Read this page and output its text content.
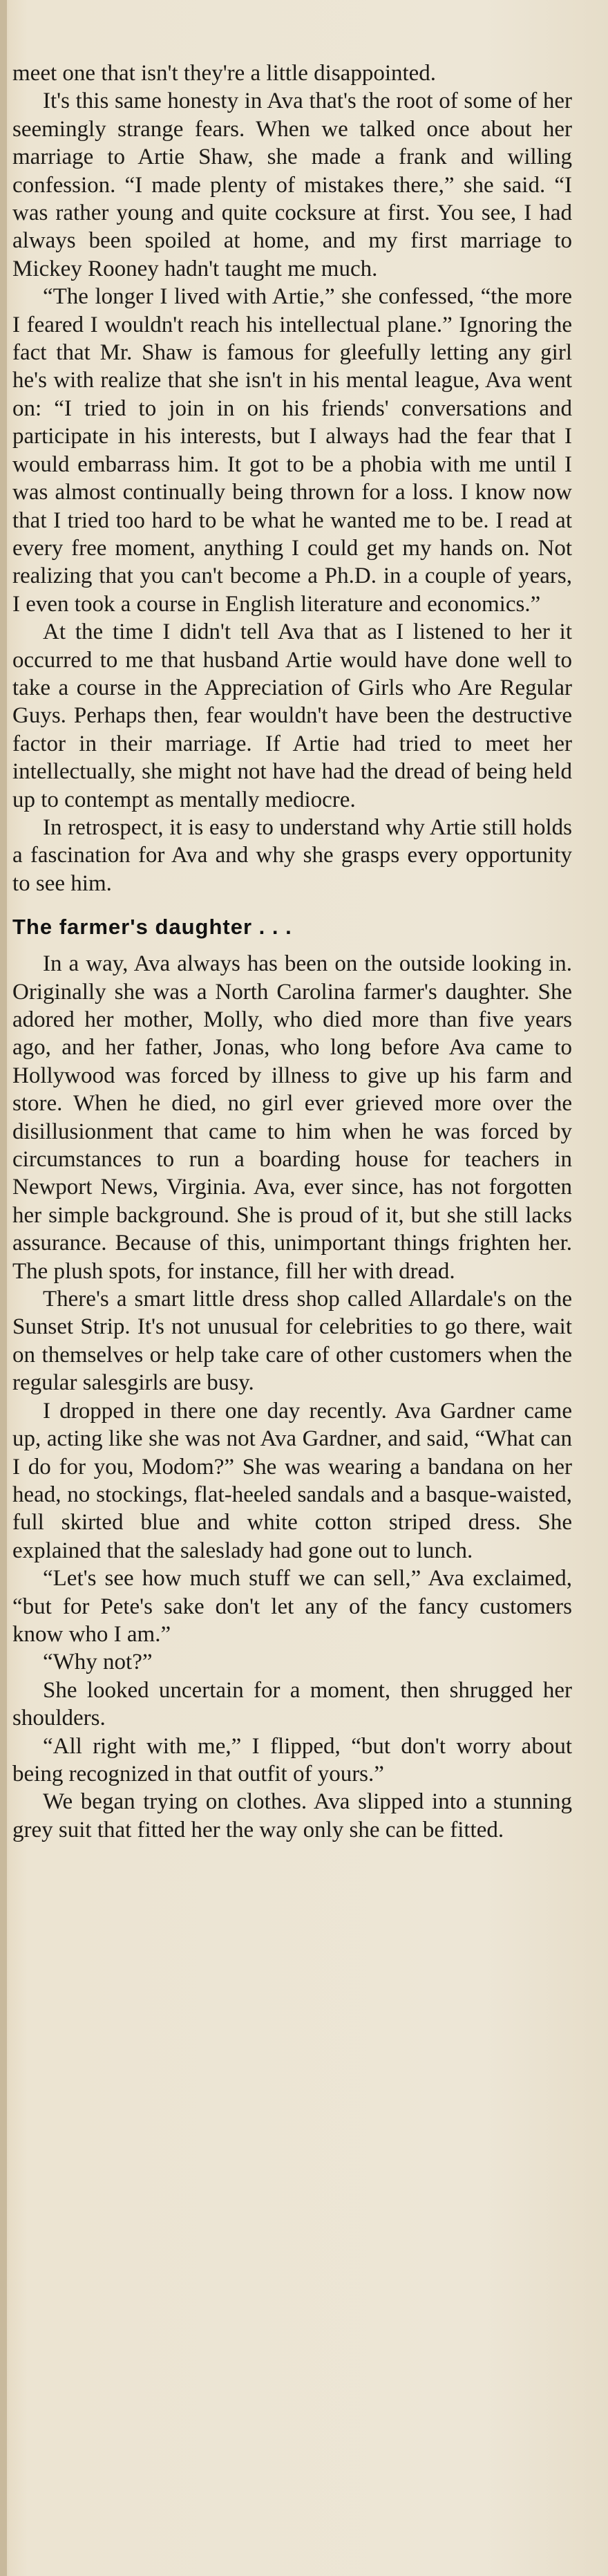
meet one that isn't they're a little disappointed.

It's this same honesty in Ava that's the root of some of her seemingly strange fears. When we talked once about her marriage to Artie Shaw, she made a frank and willing confession. “I made plenty of mistakes there,” she said. “I was rather young and quite cocksure at first. You see, I had always been spoiled at home, and my first marriage to Mickey Rooney hadn't taught me much.

“The longer I lived with Artie,” she confessed, “the more I feared I wouldn't reach his intellectual plane.” Ignoring the fact that Mr. Shaw is famous for gleefully letting any girl he's with realize that she isn't in his mental league, Ava went on: “I tried to join in on his friends' conversations and participate in his interests, but I always had the fear that I would embarrass him. It got to be a phobia with me until I was almost continually being thrown for a loss. I know now that I tried too hard to be what he wanted me to be. I read at every free moment, anything I could get my hands on. Not realizing that you can't become a Ph.D. in a couple of years, I even took a course in English literature and economics.”

At the time I didn't tell Ava that as I listened to her it occurred to me that husband Artie would have done well to take a course in the Appreciation of Girls who Are Regular Guys. Perhaps then, fear wouldn't have been the destructive factor in their marriage. If Artie had tried to meet her intellectually, she might not have had the dread of being held up to contempt as mentally mediocre.

In retrospect, it is easy to understand why Artie still holds a fascination for Ava and why she grasps every opportunity to see him.

The farmer's daughter . . .

In a way, Ava always has been on the outside looking in. Originally she was a North Carolina farmer's daughter. She adored her mother, Molly, who died more than five years ago, and her father, Jonas, who long before Ava came to Hollywood was forced by illness to give up his farm and store. When he died, no girl ever grieved more over the disillusionment that came to him when he was forced by circumstances to run a boarding house for teachers in Newport News, Virginia. Ava, ever since, has not forgotten her simple background. She is proud of it, but she still lacks assurance. Because of this, unimportant things frighten her. The plush spots, for instance, fill her with dread.

There's a smart little dress shop called Allardale's on the Sunset Strip. It's not unusual for celebrities to go there, wait on themselves or help take care of other customers when the regular salesgirls are busy.

I dropped in there one day recently. Ava Gardner came up, acting like she was not Ava Gardner, and said, “What can I do for you, Modom?” She was wearing a bandana on her head, no stockings, flat-heeled sandals and a basque-waisted, full skirted blue and white cotton striped dress. She explained that the saleslady had gone out to lunch.

“Let's see how much stuff we can sell,” Ava exclaimed, “but for Pete's sake don't let any of the fancy customers know who I am.”

“Why not?”

She looked uncertain for a moment, then shrugged her shoulders.

“All right with me,” I flipped, “but don't worry about being recognized in that outfit of yours.”

We began trying on clothes. Ava slipped into a stunning grey suit that fitted her the way only she can be fitted.
